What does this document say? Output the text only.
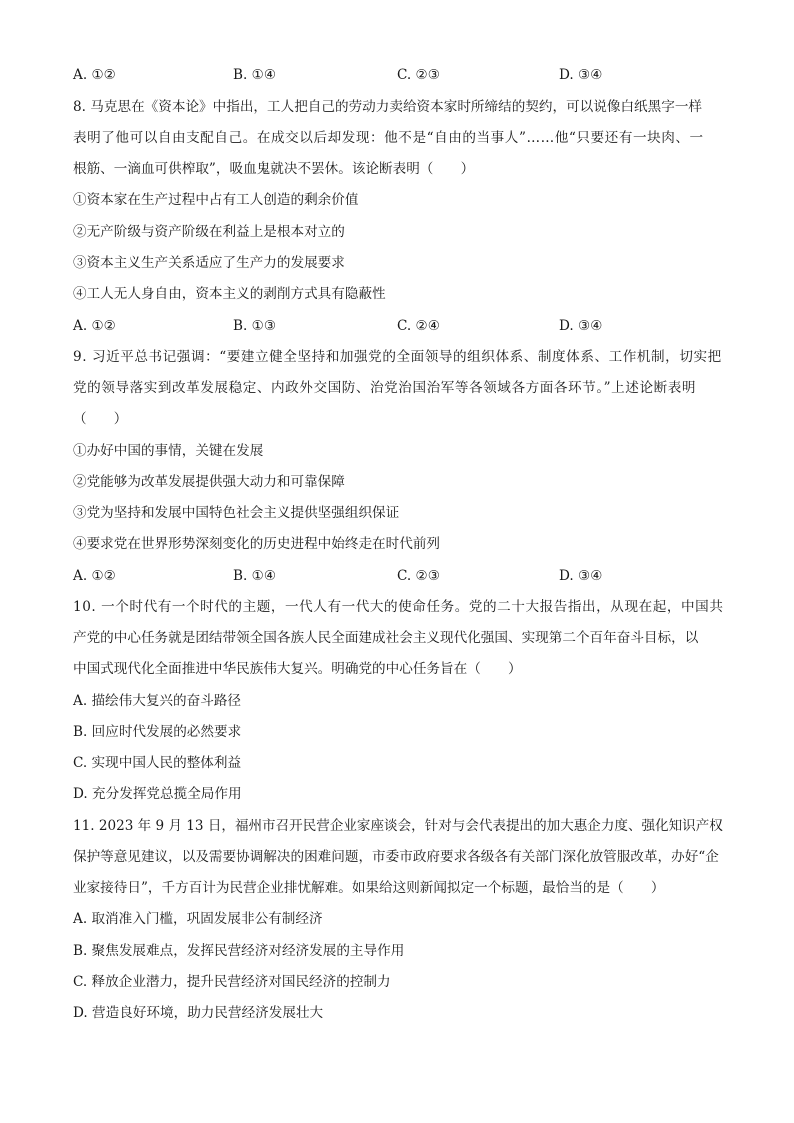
A. ①②	B. ①④	C. ②③	D. ③④
8. 马克思在《资本论》中指出，工人把自己的劳动力卖给资本家时所缔结的契约，可以说像白纸黑字一样
表明了他可以自由支配自己。在成交以后却发现：他不是“自由的当事人”……他“只要还有一块肉、一
根筋、一滴血可供榨取”，吸血鬼就决不罢休。该论断表明（　　）
①资本家在生产过程中占有工人创造的剩余价值
②无产阶级与资产阶级在利益上是根本对立的
③资本主义生产关系适应了生产力的发展要求
④工人无人身自由，资本主义的剥削方式具有隐蔽性
A. ①②	B. ①③	C. ②④	D. ③④
9. 习近平总书记强调：“要建立健全坚持和加强党的全面领导的组织体系、制度体系、工作机制，切实把
党的领导落实到改革发展稳定、内政外交国防、治党治国治军等各领域各方面各环节。”上述论断表明
（　　）
①办好中国的事情，关键在发展
②党能够为改革发展提供强大动力和可靠保障
③党为坚持和发展中国特色社会主义提供坚强组织保证
④要求党在世界形势深刻变化的历史进程中始终走在时代前列
A. ①②	B. ①④	C. ②③	D. ③④
10. 一个时代有一个时代的主题，一代人有一代大的使命任务。党的二十大报告指出，从现在起，中国共
产党的中心任务就是团结带领全国各族人民全面建成社会主义现代化强国、实现第二个百年奋斗目标，以
中国式现代化全面推进中华民族伟大复兴。明确党的中心任务旨在（　　）
A. 描绘伟大复兴的奋斗路径
B. 回应时代发展的必然要求
C. 实现中国人民的整体利益
D. 充分发挥党总揽全局作用
11. 2023 年 9 月 13 日，福州市召开民营企业家座谈会，针对与会代表提出的加大惠企力度、强化知识产权
保护等意见建议，以及需要协调解决的困难问题，市委市政府要求各级各有关部门深化放管服改革，办好“企
业家接待日”，千方百计为民营企业排忧解难。如果给这则新闻拟定一个标题，最恰当的是（　　）
A. 取消准入门槛，巩固发展非公有制经济
B. 聚焦发展难点，发挥民营经济对经济发展的主导作用
C. 释放企业潜力，提升民营经济对国民经济的控制力
D. 营造良好环境，助力民营经济发展壮大
